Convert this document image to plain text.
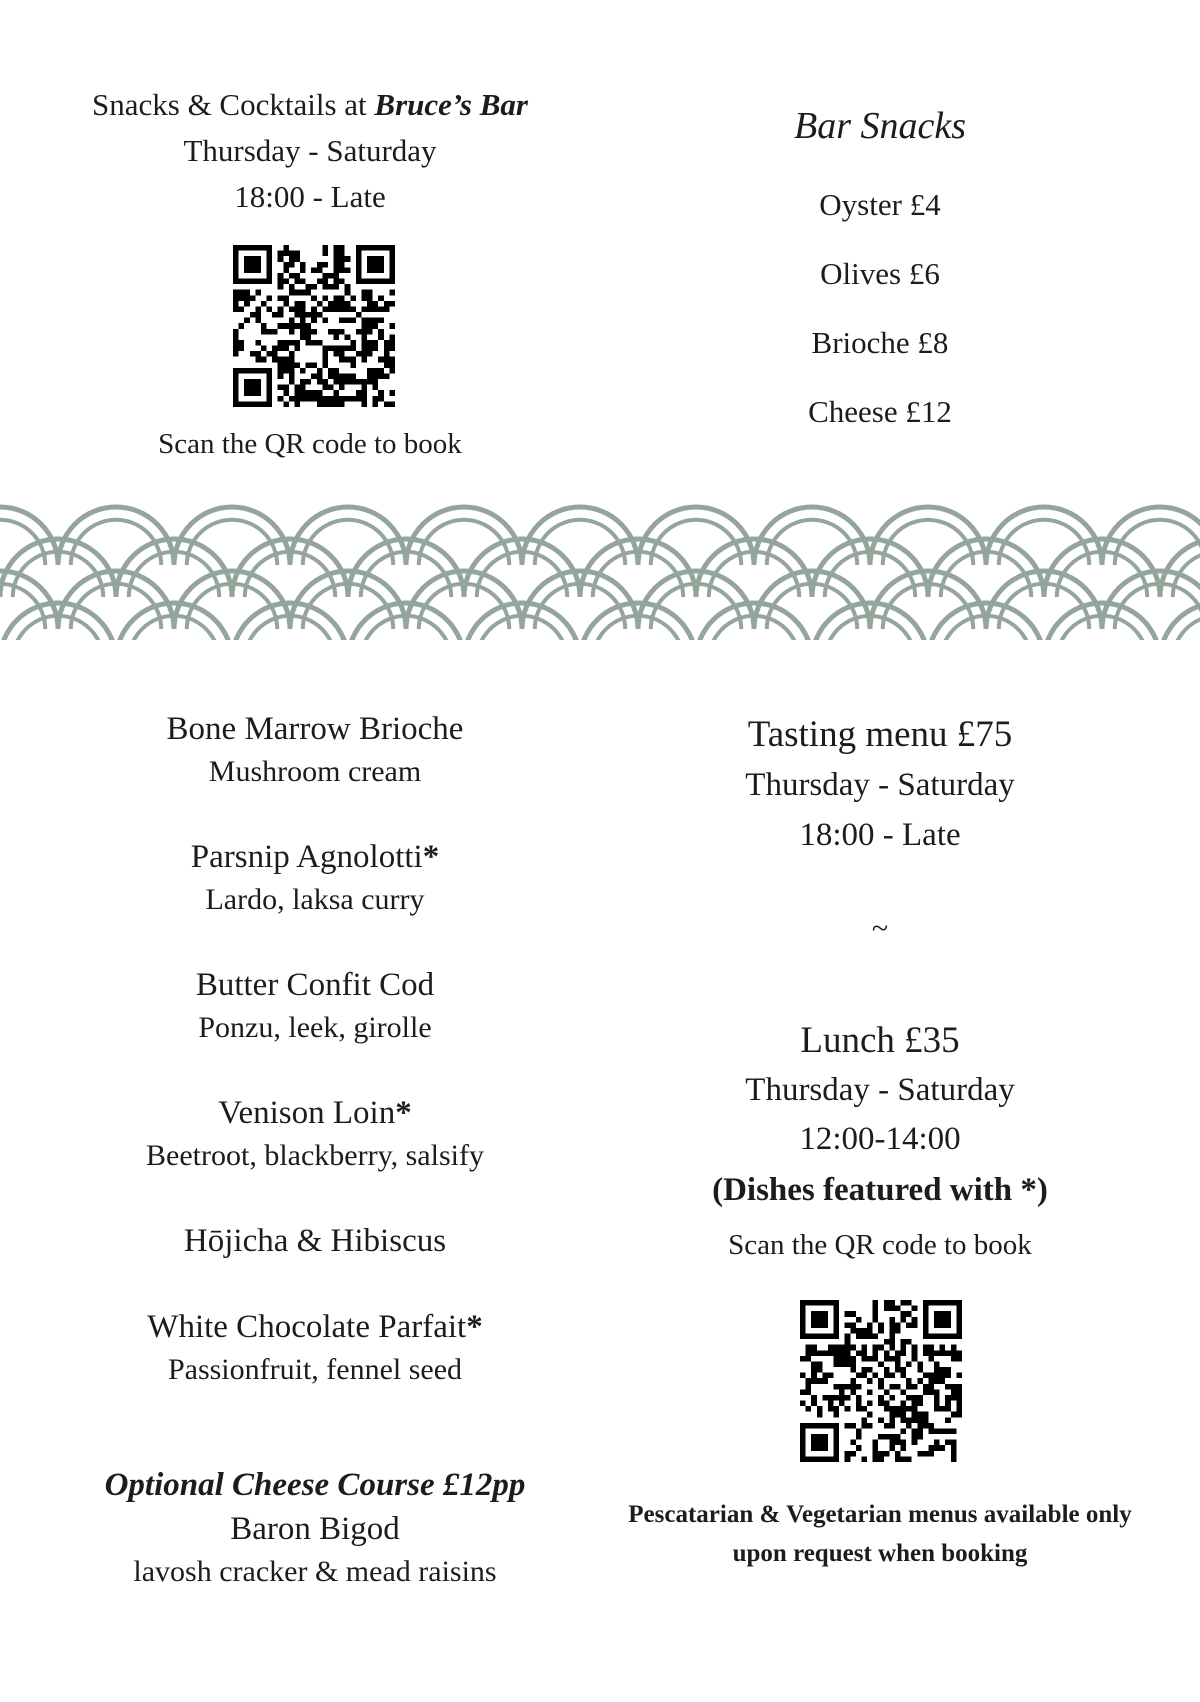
Snacks & Cocktails at Bruce’s Bar
Thursday - Saturday
18:00 - Late
Scan the QR code to book
Bar Snacks
Oyster £4
Olives £6
Brioche £8
Cheese £12
Bone Marrow Brioche
Mushroom cream
Parsnip Agnolotti*
Lardo, laksa curry
Butter Confit Cod
Ponzu, leek, girolle
Venison Loin*
Beetroot, blackberry, salsify
Hōjicha & Hibiscus
White Chocolate Parfait*
Passionfruit, fennel seed
Optional Cheese Course £12pp
Baron Bigod
lavosh cracker & mead raisins
Tasting menu £75
Thursday - Saturday
18:00 - Late
~
Lunch £35
Thursday - Saturday
12:00-14:00
(Dishes featured with *)
Scan the QR code to book
Pescatarian & Vegetarian menus available only
upon request when booking
